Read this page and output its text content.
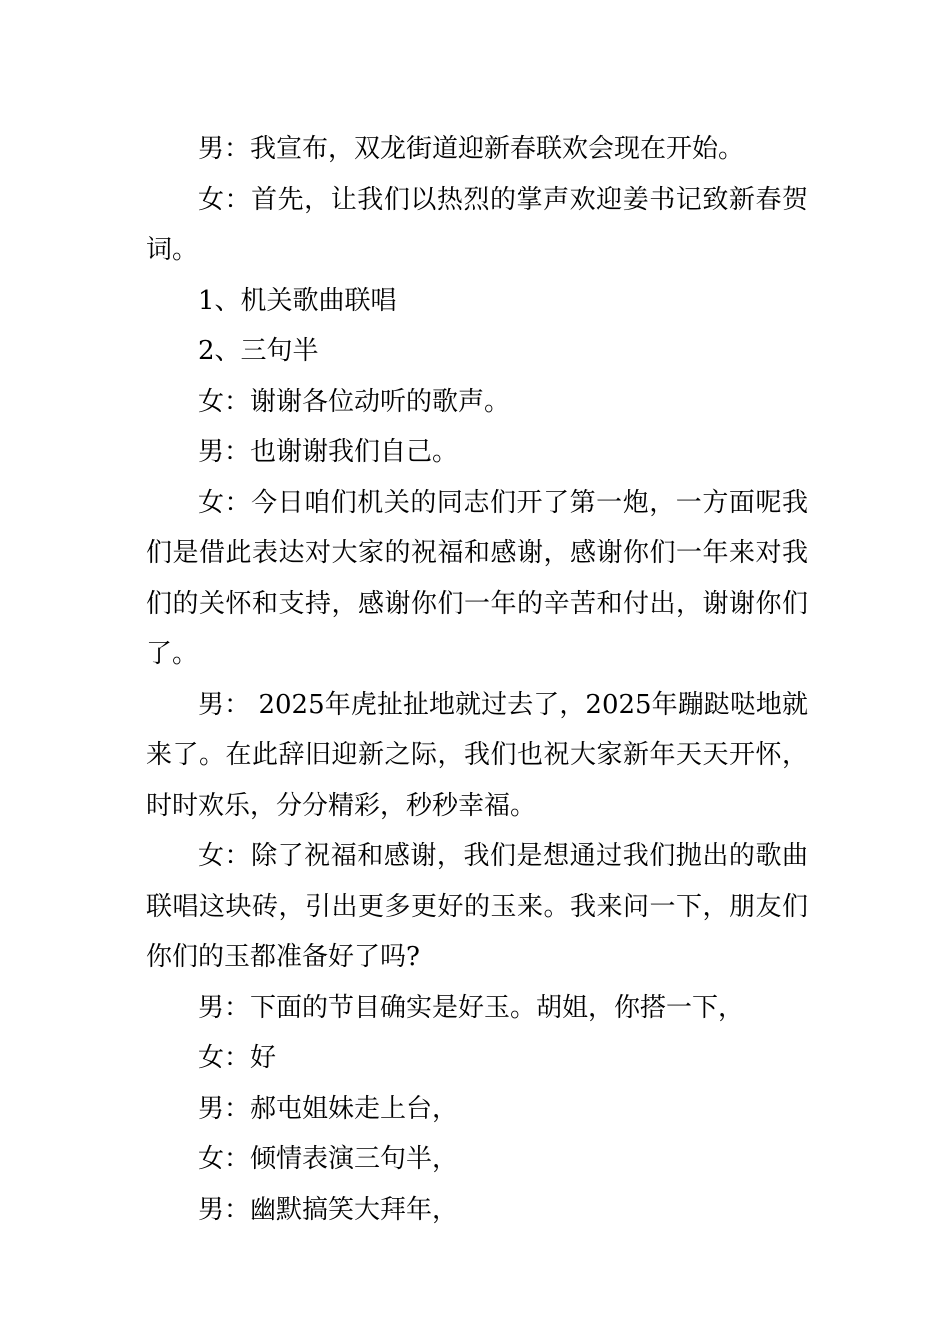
男：我宣布，双龙街道迎新春联欢会现在开始。

女：首先，让我们以热烈的掌声欢迎姜书记致新春贺词。

1、机关歌曲联唱

2、三句半

女：谢谢各位动听的歌声。

男：也谢谢我们自己。

女：今日咱们机关的同志们开了第一炮，一方面呢我们是借此表达对大家的祝福和感谢，感谢你们一年来对我们的关怀和支持，感谢你们一年的辛苦和付出，谢谢你们了。

男： 2025年虎扯扯地就过去了，2025年蹦跶哒地就来了。在此辞旧迎新之际，我们也祝大家新年天天开怀，时时欢乐，分分精彩，秒秒幸福。

女：除了祝福和感谢，我们是想通过我们抛出的歌曲联唱这块砖，引出更多更好的玉来。我来问一下，朋友们你们的玉都准备好了吗?

男：下面的节目确实是好玉。胡姐，你搭一下，

女：好

男：郝屯姐妹走上台，

女：倾情表演三句半，

男：幽默搞笑大拜年，
